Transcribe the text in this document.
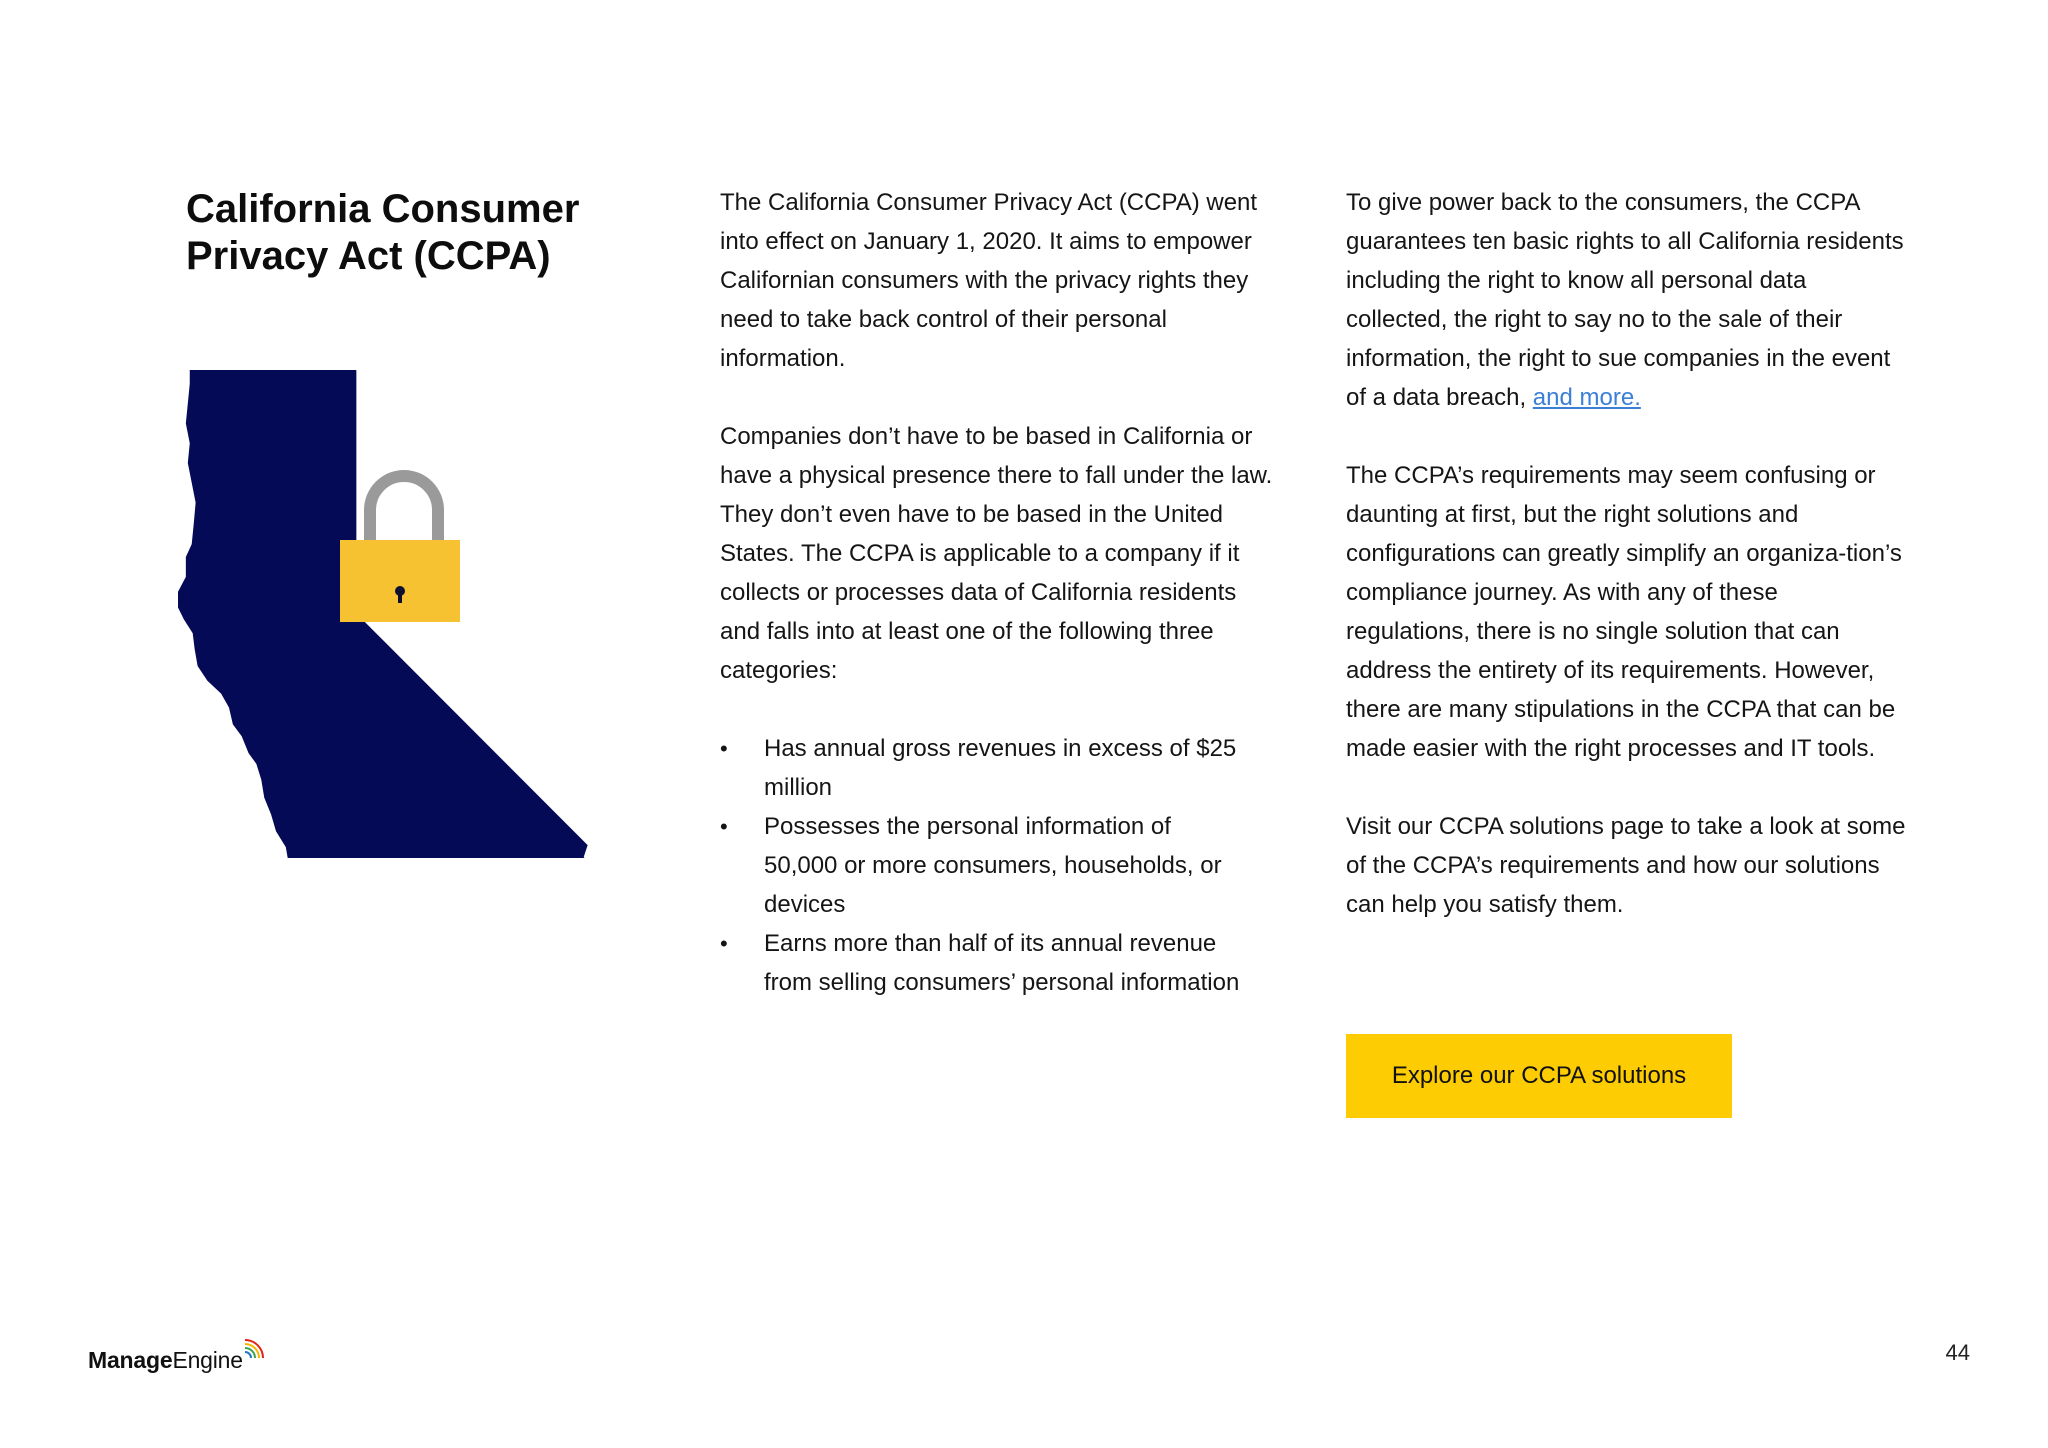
California Consumer
Privacy Act (CCPA)

The California Consumer Privacy Act (CCPA) went into effect on January 1, 2020. It aims to empower Californian consumers with the privacy rights they need to take back control of their personal information.

Companies don’t have to be based in California or have a physical presence there to fall under the law. They don’t even have to be based in the United States. The CCPA is applicable to a company if it collects or processes data of California residents and falls into at least one of the following three categories:

• Has annual gross revenues in excess of $25 million
• Possesses the personal information of 50,000 or more consumers, households, or devices
• Earns more than half of its annual revenue from selling consumers’ personal information

To give power back to the consumers, the CCPA guarantees ten basic rights to all California residents including the right to know all personal data collected, the right to say no to the sale of their information, the right to sue companies in the event of a data breach, and more.

The CCPA’s requirements may seem confusing or daunting at first, but the right solutions and configurations can greatly simplify an organiza-tion’s compliance journey. As with any of these regulations, there is no single solution that can address the entirety of its requirements. However, there are many stipulations in the CCPA that can be made easier with the right processes and IT tools.

Visit our CCPA solutions page to take a look at some of the CCPA’s requirements and how our solutions can help you satisfy them.

Explore our CCPA solutions
ManageEngine	44
